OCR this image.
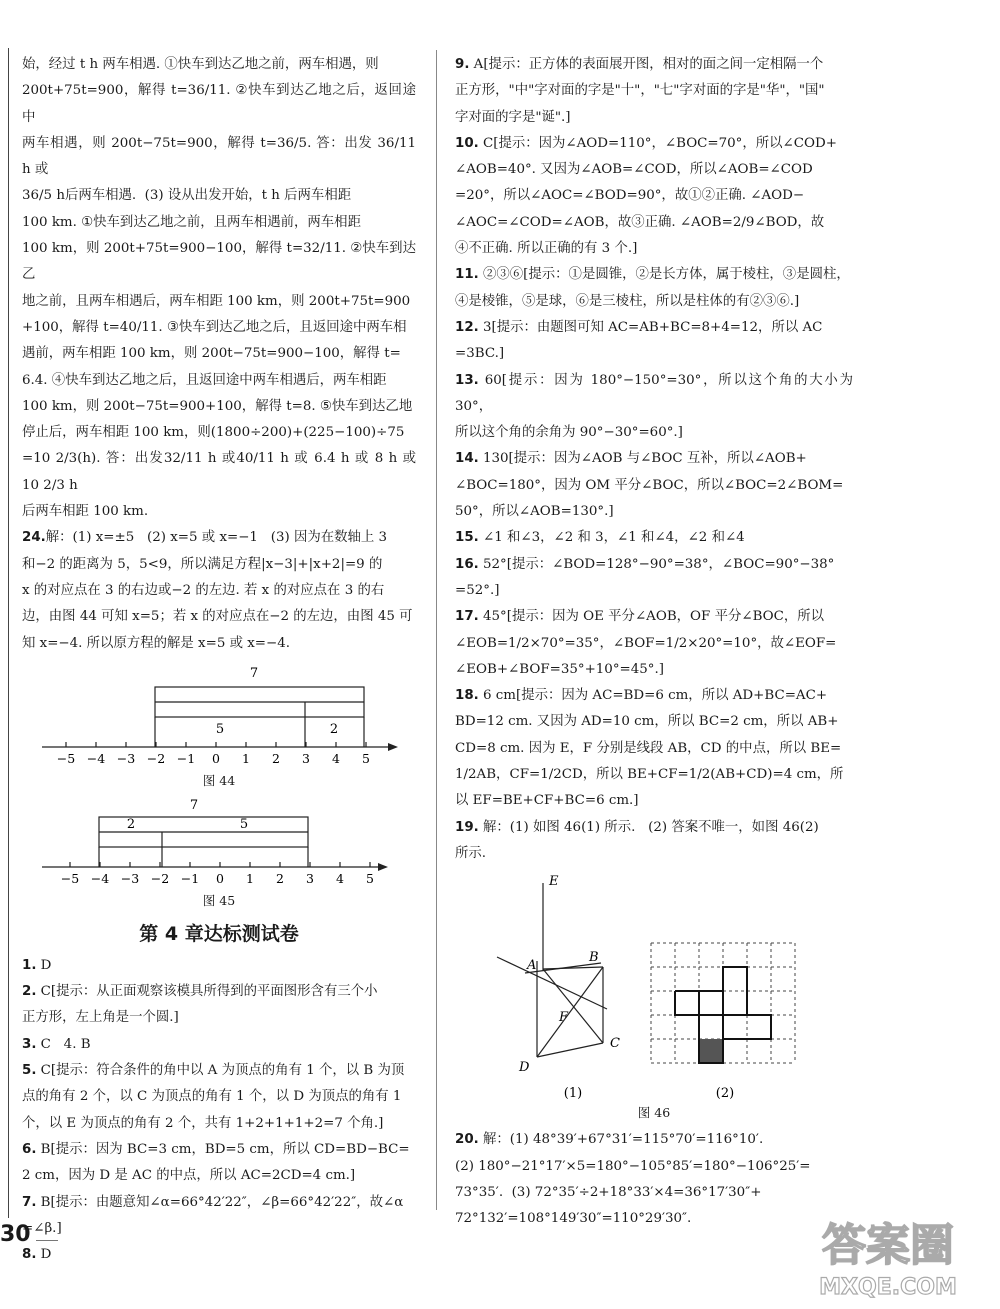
始，经过 t h 两车相遇. ①快车到达乙地之前，两车相遇，则

200t+75t=900，解得 t=36/11. ②快车到达乙地之后，返回途中

两车相遇，则 200t−75t=900，解得 t=36/5. 答：出发 36/11 h 或

36/5 h后两车相遇.  (3) 设从出发开始，t h 后两车相距

100 km. ①快车到达乙地之前，且两车相遇前，两车相距

100 km，则 200t+75t=900−100，解得 t=32/11. ②快车到达乙

地之前，且两车相遇后，两车相距 100 km，则 200t+75t=900

+100，解得 t=40/11. ③快车到达乙地之后，且返回途中两车相

遇前，两车相距 100 km，则 200t−75t=900−100，解得 t=

6.4. ④快车到达乙地之后，且返回途中两车相遇后，两车相距

100 km，则 200t−75t=900+100，解得 t=8. ⑤快车到达乙地

停止后，两车相距 100 km，则(1800÷200)+(225−100)÷75

=10 2/3(h). 答：出发32/11 h 或40/11 h 或 6.4 h 或 8 h 或 10 2/3 h

后两车相距 100 km.

24.解：(1) x=±5   (2) x=5 或 x=−1   (3) 因为在数轴上 3

和−2 的距离为 5，5<9，所以满足方程|x−3|+|x+2|=9 的

x 的对应点在 3 的右边或−2 的左边. 若 x 的对应点在 3 的右

边，由图 44 可知 x=5；若 x 的对应点在−2 的左边，由图 45 可

知 x=−4. 所以原方程的解是 x=5 或 x=−4.

7
5	2
−5 −4 −3 −2 −1 0 1 2 3 4 5
图 44
7
2	5
−5 −4 −3 −2 −1 0 1 2 3 4 5
图 45
第 4 章达标测试卷

1. D

2. C[提示：从正面观察该模具所得到的平面图形含有三个小

正方形，左上角是一个圆.]

3. C   4. B

5. C[提示：符合条件的角中以 A 为顶点的角有 1 个，以 B 为顶

点的角有 2 个，以 C 为顶点的角有 1 个，以 D 为顶点的角有 1

个，以 E 为顶点的角有 2 个，共有 1+2+1+1+2=7 个角.]

6. B[提示：因为 BC=3 cm，BD=5 cm，所以 CD=BD−BC=

2 cm，因为 D 是 AC 的中点，所以 AC=2CD=4 cm.]

7. B[提示：由题意知∠α=66°42′22″，∠β=66°42′22″，故∠α

=∠β.]

8. D

9. A[提示：正方体的表面展开图，相对的面之间一定相隔一个

正方形，"中"字对面的字是"十"，"七"字对面的字是"华"，"国"

字对面的字是"诞".]

10. C[提示：因为∠AOD=110°，∠BOC=70°，所以∠COD+

∠AOB=40°. 又因为∠AOB=∠COD，所以∠AOB=∠COD

=20°，所以∠AOC=∠BOD=90°，故①②正确. ∠AOD−

∠AOC=∠COD=∠AOB，故③正确. ∠AOB=2/9∠BOD，故

④不正确. 所以正确的有 3 个.]

11. ②③⑥[提示：①是圆锥，②是长方体，属于棱柱，③是圆柱，

④是棱锥，⑤是球，⑥是三棱柱，所以是柱体的有②③⑥.]

12. 3[提示：由题图可知 AC=AB+BC=8+4=12，所以 AC

=3BC.]

13. 60[提示：因为 180°−150°=30°，所以这个角的大小为 30°，

所以这个角的余角为 90°−30°=60°.]

14. 130[提示：因为∠AOB 与∠BOC 互补，所以∠AOB+

∠BOC=180°，因为 OM 平分∠BOC，所以∠BOC=2∠BOM=

50°，所以∠AOB=130°.]

15. ∠1 和∠3，∠2 和 3，∠1 和∠4，∠2 和∠4

16. 52°[提示：∠BOD=128°−90°=38°，∠BOC=90°−38°

=52°.]

17. 45°[提示：因为 OE 平分∠AOB，OF 平分∠BOC，所以

∠EOB=1/2×70°=35°，∠BOF=1/2×20°=10°，故∠EOF=

∠EOB+∠BOF=35°+10°=45°.]

18. 6 cm[提示：因为 AC=BD=6 cm，所以 AD+BC=AC+

BD=12 cm. 又因为 AD=10 cm，所以 BC=2 cm，所以 AB+

CD=8 cm. 因为 E，F 分别是线段 AB，CD 的中点，所以 BE=

1/2AB，CF=1/2CD，所以 BE+CF=1/2(AB+CD)=4 cm，所

以 EF=BE+CF+BC=6 cm.]

19. 解：(1) 如图 46(1) 所示.   (2) 答案不唯一，如图 46(2)

所示.

E
A
B
F
D
C
(1)	(2)
图 46

20. 解：(1) 48°39′+67°31′=115°70′=116°10′.

(2) 180°−21°17′×5=180°−105°85′=180°−106°25′=

73°35′.  (3) 72°35′÷2+18°33′×4=36°17′30″+

72°132′=108°149′30″=110°29′30″.

30	答案圈
MXQE.COM
